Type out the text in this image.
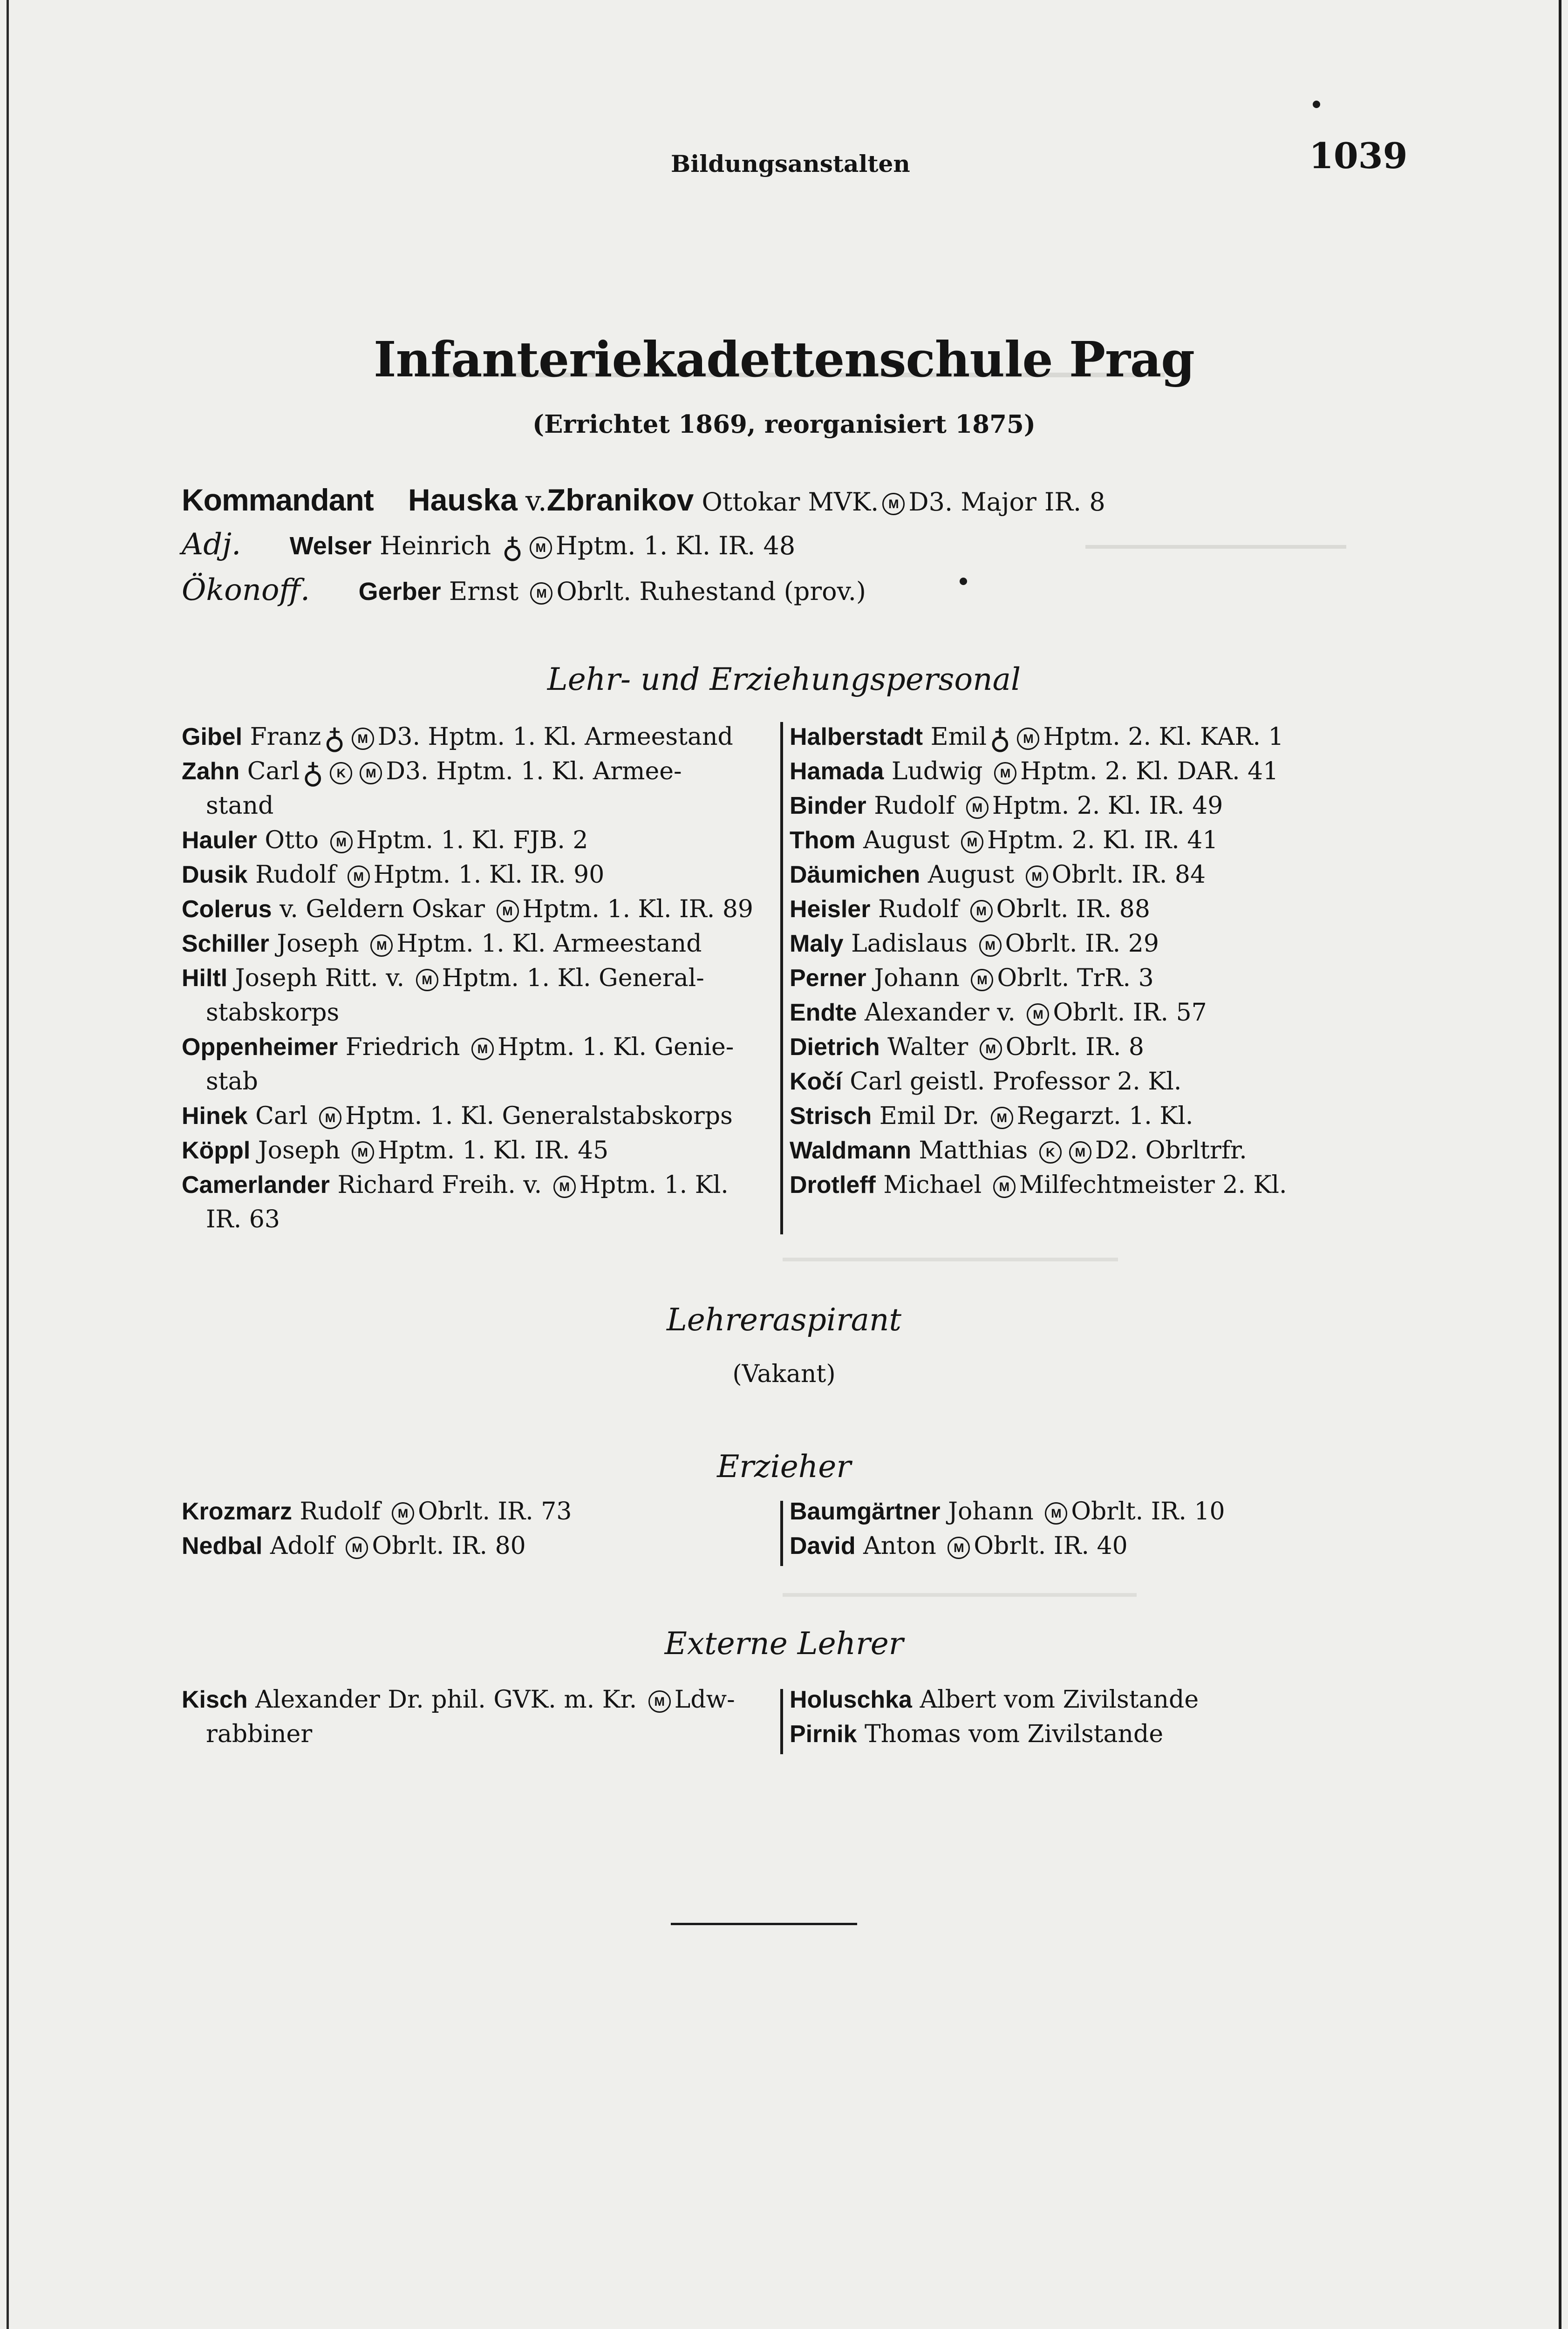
Bildungsanstalten	1039
Infanteriekadettenschule Prag
(Errichtet 1869, reorganisiert 1875)
Kommandant Hauska v.Zbranikov Ottokar MVK. M D3. Major IR. 8
Adj. Welser Heinrich ♁ M Hptm. 1. Kl. IR. 48
Ökonoff. Gerber Ernst M Obrlt. Ruhestand (prov.)
Lehr- und Erziehungspersonal
Gibel Franz♁ M D3. Hptm. 1. Kl. Armeestand
Zahn Carl♁ K M D3. Hptm. 1. Kl. Armee-
stand
Hauler Otto M Hptm. 1. Kl. FJB. 2
Dusik Rudolf M Hptm. 1. Kl. IR. 90
Colerus v. Geldern Oskar M Hptm. 1. Kl. IR. 89
Schiller Joseph M Hptm. 1. Kl. Armeestand
Hiltl Joseph Ritt. v. M Hptm. 1. Kl. General-
stabskorps
Oppenheimer Friedrich M Hptm. 1. Kl. Genie-
stab
Hinek Carl M Hptm. 1. Kl. Generalstabskorps
Köppl Joseph M Hptm. 1. Kl. IR. 45
Camerlander Richard Freih. v. M Hptm. 1. Kl.
IR. 63
Halberstadt Emil♁ M Hptm. 2. Kl. KAR. 1
Hamada Ludwig M Hptm. 2. Kl. DAR. 41
Binder Rudolf M Hptm. 2. Kl. IR. 49
Thom August M Hptm. 2. Kl. IR. 41
Däumichen August M Obrlt. IR. 84
Heisler Rudolf M Obrlt. IR. 88
Maly Ladislaus M Obrlt. IR. 29
Perner Johann M Obrlt. TrR. 3
Endte Alexander v. M Obrlt. IR. 57
Dietrich Walter M Obrlt. IR. 8
Kočí Carl geistl. Professor 2. Kl.
Strisch Emil Dr. M Regarzt. 1. Kl.
Waldmann Matthias K M D2. Obrltrfr.
Drotleff Michael M Milfechtmeister 2. Kl.
Lehreraspirant
(Vakant)
Erzieher
Krozmarz Rudolf M Obrlt. IR. 73
Nedbal Adolf M Obrlt. IR. 80
Baumgärtner Johann M Obrlt. IR. 10
David Anton M Obrlt. IR. 40
Externe Lehrer
Kisch Alexander Dr. phil. GVK. m. Kr. M Ldw-
rabbiner
Holuschka Albert vom Zivilstande
Pirnik Thomas vom Zivilstande
